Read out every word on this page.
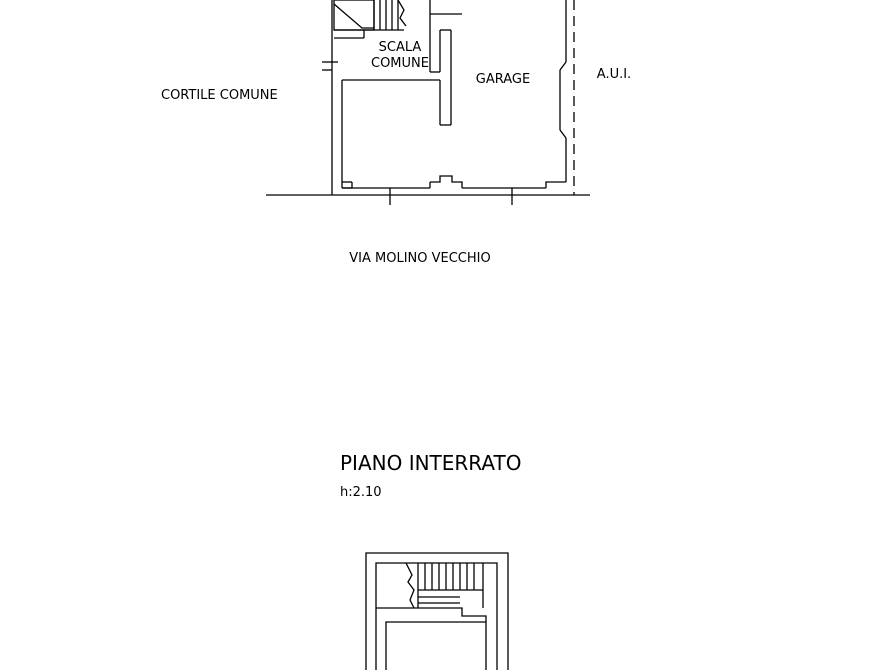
SCALA
COMUNE
GARAGE	A.U.I.
CORTILE COMUNE
VIA MOLINO VECCHIO
PIANO INTERRATO
h:2.10
